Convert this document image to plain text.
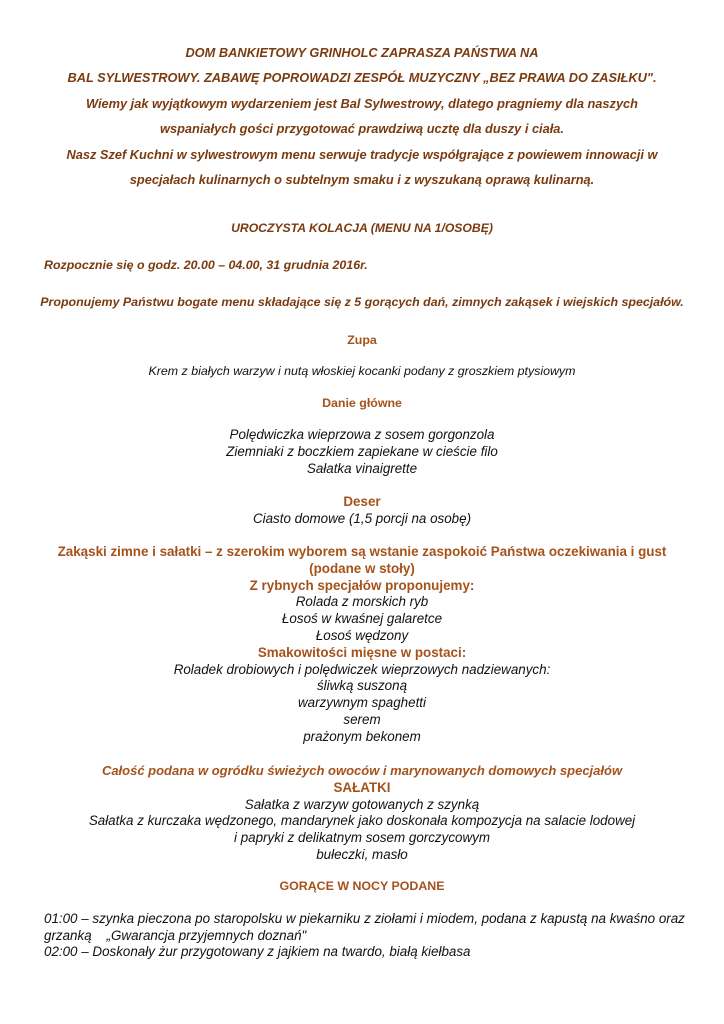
DOM BANKIETOWY GRINHOLC ZAPRASZA PAŃSTWA NA
BAL SYLWESTROWY. ZABAWĘ POPROWADZI ZESPÓŁ MUZYCZNY „BEZ PRAWA DO ZASIŁKU".
Wiemy jak wyjątkowym wydarzeniem jest Bal Sylwestrowy, dlatego pragniemy dla naszych
wspaniałych gości przygotować prawdziwą ucztę dla duszy i ciała.
Nasz Szef Kuchni w sylwestrowym menu serwuje tradycje współgrające z powiewem innowacji w
specjałach kulinarnych o subtelnym smaku i z wyszukaną oprawą kulinarną.
UROCZYSTA KOLACJA (MENU NA 1/OSOBĘ)
Rozpocznie się o godz. 20.00 – 04.00, 31 grudnia 2016r.
Proponujemy Państwu bogate menu składające się z 5 gorących dań, zimnych zakąsek i wiejskich specjałów.
Zupa
Krem z białych warzyw i nutą włoskiej kocanki podany z groszkiem ptysiowym
Danie główne
Polędwiczka wieprzowa z sosem gorgonzola
Ziemniaki z boczkiem zapiekane w cieście filo
Sałatka vinaigrette
Deser
Ciasto domowe (1,5 porcji na osobę)
Zakąski zimne i sałatki – z szerokim wyborem są wstanie zaspokoić Państwa oczekiwania i gust
(podane w stoły)
Z rybnych specjałów proponujemy:
Rolada z morskich ryb
Łosoś w kwaśnej galaretce
Łosoś wędzony
Smakowitości mięsne w postaci:
Roladek drobiowych i polędwiczek wieprzowych nadziewanych:
śliwką suszoną
warzywnym spaghetti
serem
prażonym bekonem
Całość podana w ogródku świeżych owoców i marynowanych domowych specjałów
SAŁATKI
Sałatka z warzyw gotowanych z szynką
Sałatka z kurczaka wędzonego, mandarynek jako doskonała kompozycja na salacie lodowej
i papryki z delikatnym sosem gorczycowym
bułeczki, masło
GORĄCE W NOCY PODANE
01:00 – szynka pieczona po staropolsku w piekarniku z ziołami i miodem, podana z kapustą na kwaśno oraz
grzanką    „Gwarancja przyjemnych doznań"
02:00 – Doskonały żur przygotowany z jajkiem na twardo, białą kiełbasa
